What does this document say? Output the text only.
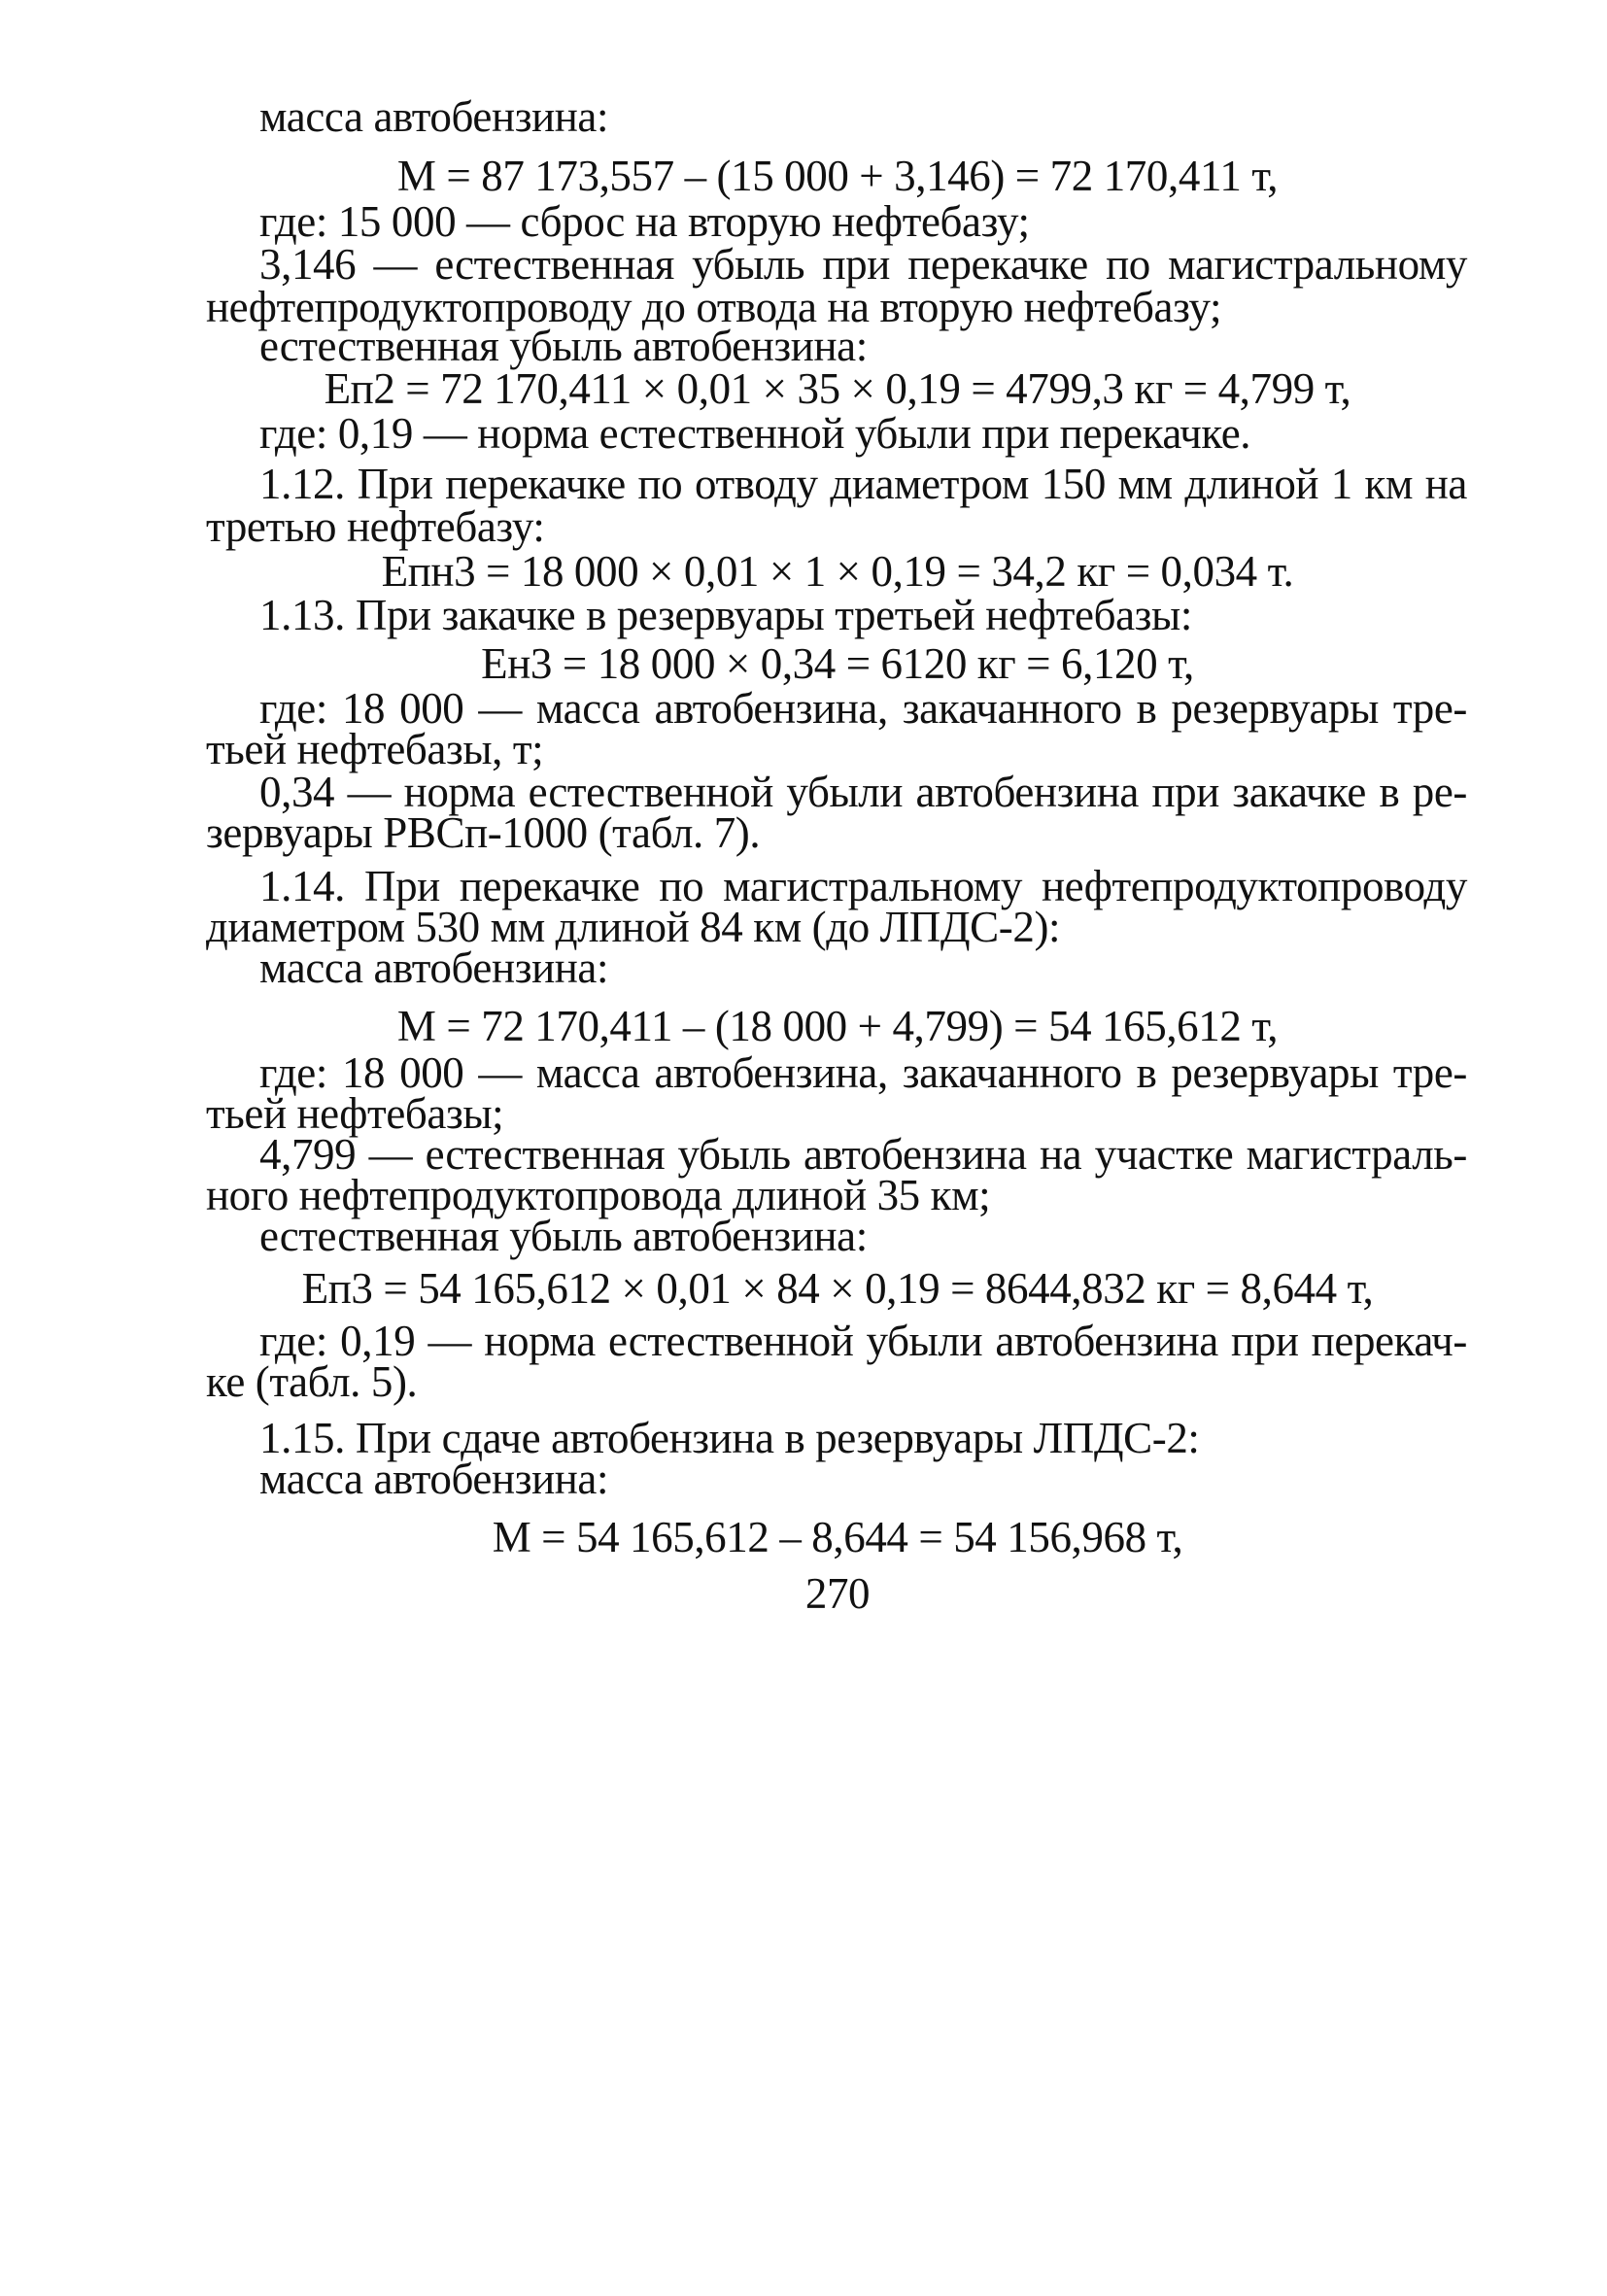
масса автобензина:
М = 87 173,557 – (15 000 + 3,146) = 72 170,411 т,
где: 15 000 — сброс на вторую нефтебазу;
3,146 — естественная убыль при перекачке по магистральному
нефтепродуктопроводу до отвода на вторую нефтебазу;
естественная убыль автобензина:
Еп2 = 72 170,411 × 0,01 × 35 × 0,19 = 4799,3 кг = 4,799 т,
где: 0,19 — норма естественной убыли при перекачке.
1.12. При перекачке по отводу диаметром 150 мм длиной 1 км на
третью нефтебазу:
Епн3 = 18 000 × 0,01 × 1 × 0,19 = 34,2 кг = 0,034 т.
1.13. При закачке в резервуары третьей нефтебазы:
Ен3 = 18 000 × 0,34 = 6120 кг = 6,120 т,
где: 18 000 — масса автобензина, закачанного в резервуары тре-
тьей нефтебазы, т;
0,34 — норма естественной убыли автобензина при закачке в ре-
зервуары РВСп-1000 (табл. 7).
1.14. При перекачке по магистральному нефтепродуктопроводу
диаметром 530 мм длиной 84 км (до ЛПДС-2):
масса автобензина:
М = 72 170,411 – (18 000 + 4,799) = 54 165,612 т,
где: 18 000 — масса автобензина, закачанного в резервуары тре-
тьей нефтебазы;
4,799 — естественная убыль автобензина на участке магистраль-
ного нефтепродуктопровода длиной 35 км;
естественная убыль автобензина:
Еп3 = 54 165,612 × 0,01 × 84 × 0,19 = 8644,832 кг = 8,644 т,
где: 0,19 — норма естественной убыли автобензина при перекач-
ке (табл. 5).
1.15. При сдаче автобензина в резервуары ЛПДС-2:
масса автобензина:
М = 54 165,612 – 8,644 = 54 156,968 т,
270
